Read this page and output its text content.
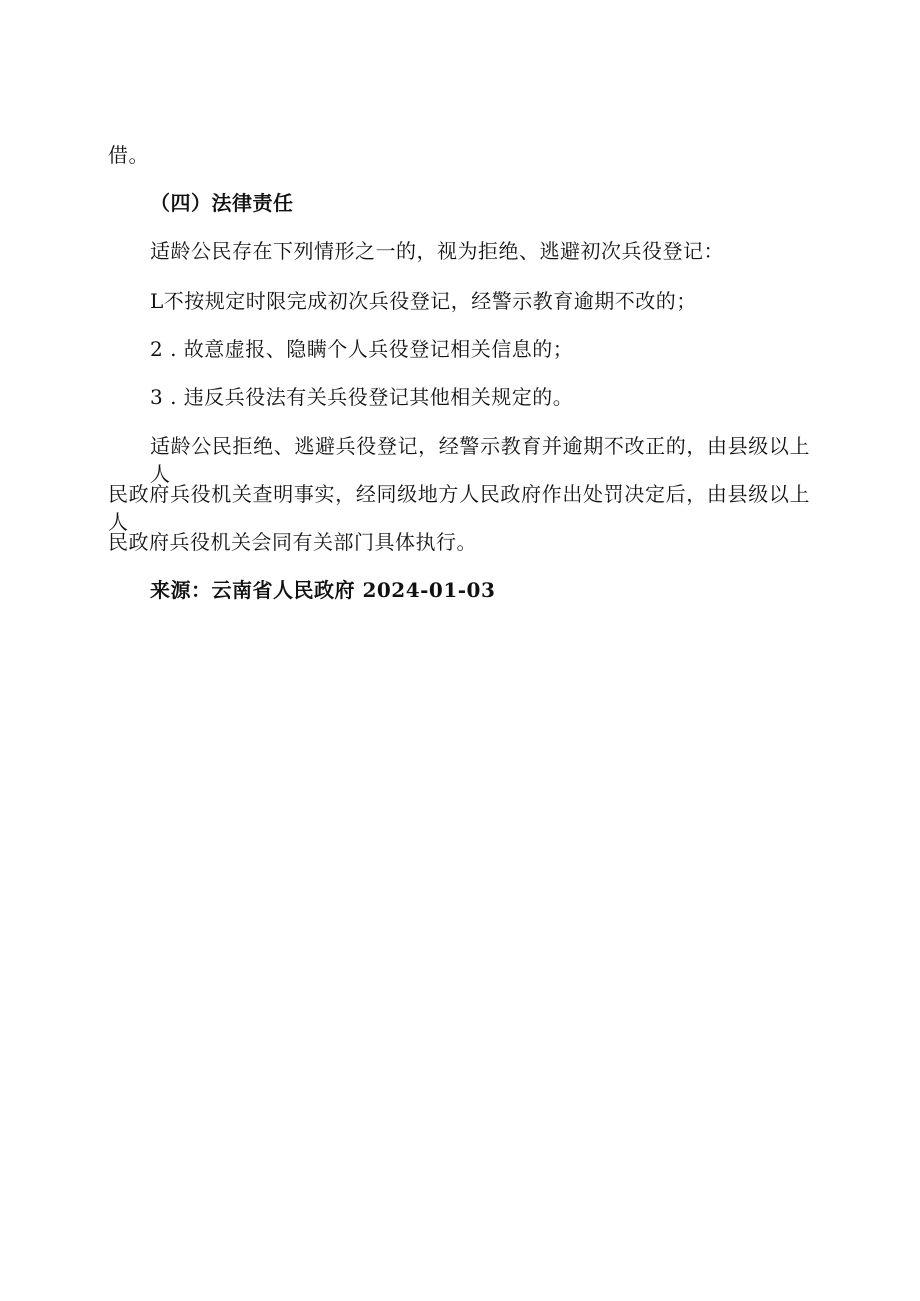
借。
（四）法律责任
适龄公民存在下列情形之一的，视为拒绝、逃避初次兵役登记：
L不按规定时限完成初次兵役登记，经警示教育逾期不改的；
2 . 故意虚报、隐瞒个人兵役登记相关信息的；
3 . 违反兵役法有关兵役登记其他相关规定的。
适龄公民拒绝、逃避兵役登记，经警示教育并逾期不改正的，由县级以上人
民政府兵役机关查明事实，经同级地方人民政府作出处罚决定后，由县级以上人
民政府兵役机关会同有关部门具体执行。
来源：云南省人民政府 2024-01-03
